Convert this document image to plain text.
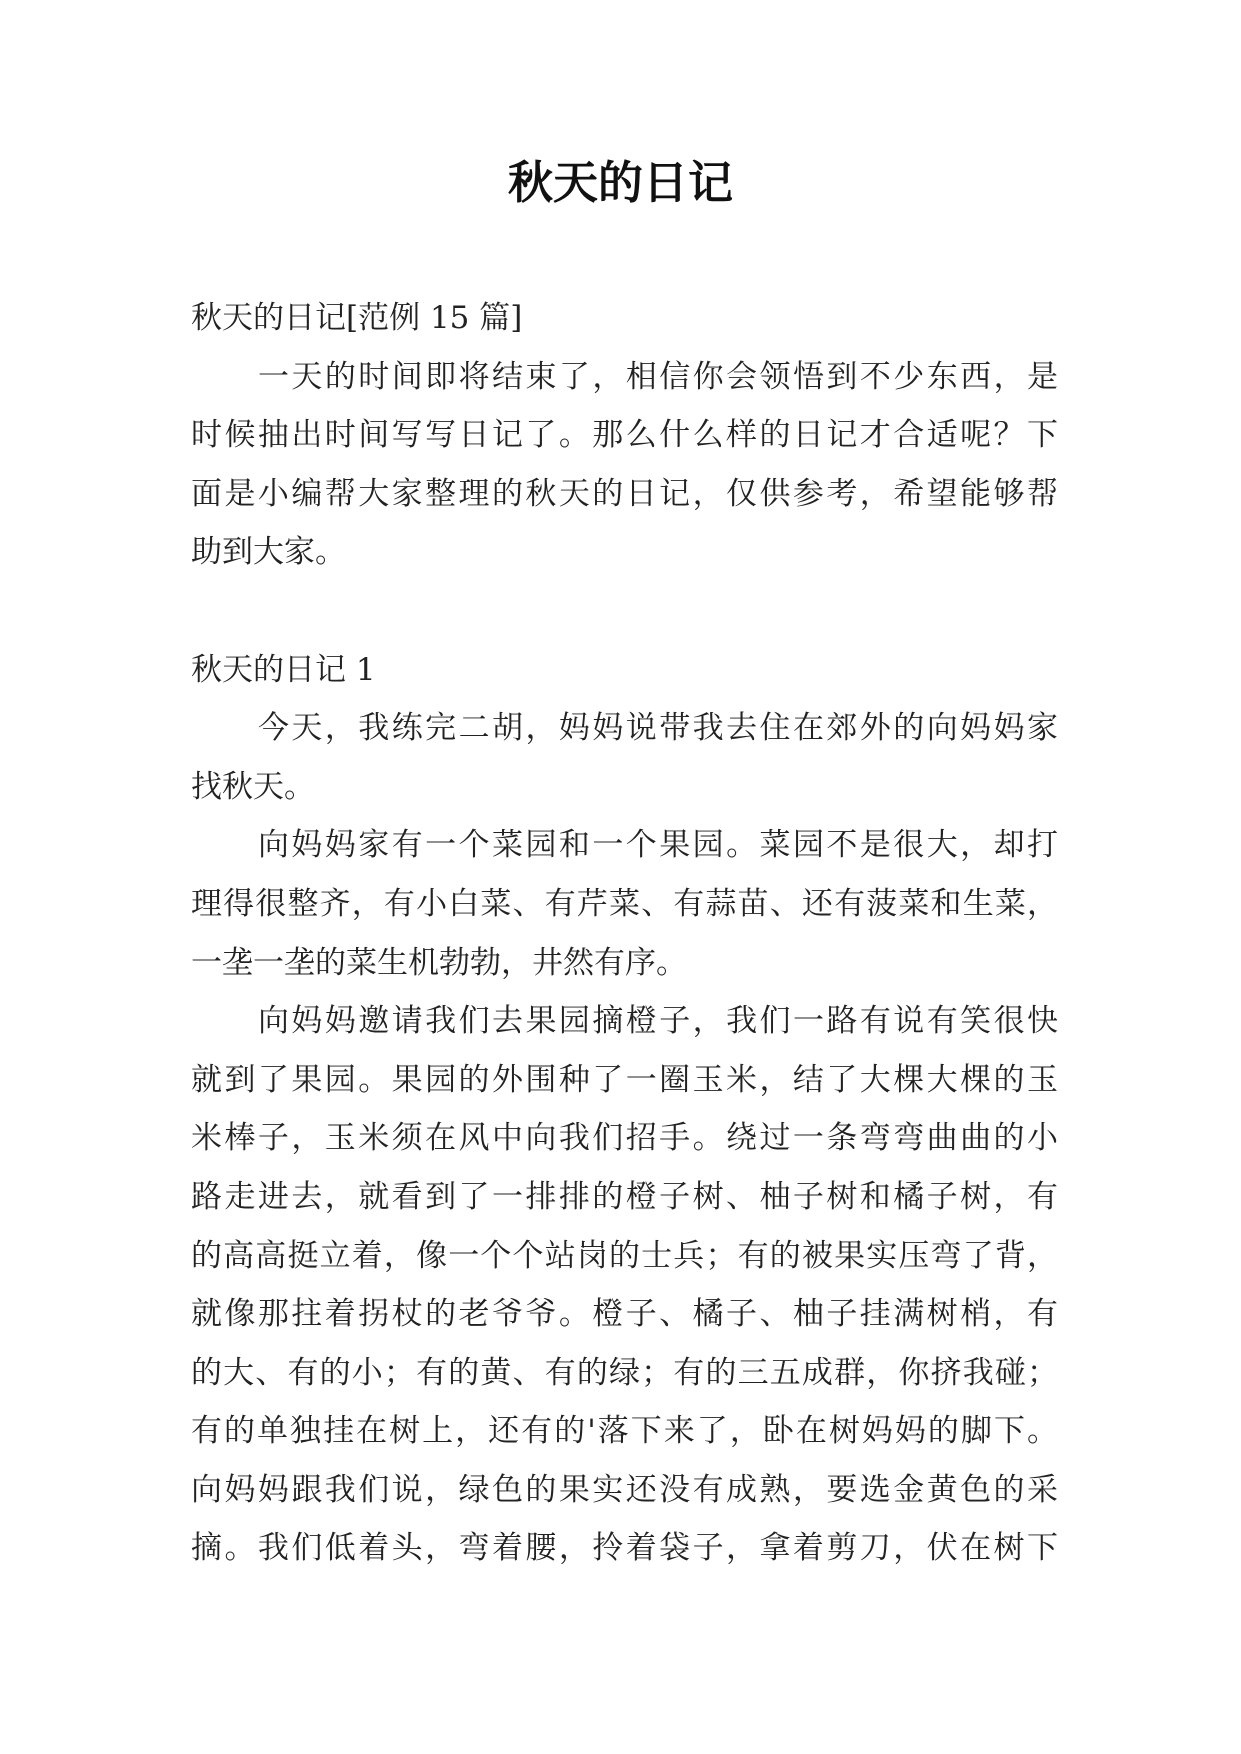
秋天的日记
秋天的日记[范例 15 篇]
一天的时间即将结束了，相信你会领悟到不少东西，是
时候抽出时间写写日记了。那么什么样的日记才合适呢？下
面是小编帮大家整理的秋天的日记，仅供参考，希望能够帮
助到大家。
秋天的日记 1
今天，我练完二胡，妈妈说带我去住在郊外的向妈妈家
找秋天。
向妈妈家有一个菜园和一个果园。菜园不是很大，却打
理得很整齐，有小白菜、有芹菜、有蒜苗、还有菠菜和生菜，
一垄一垄的菜生机勃勃，井然有序。
向妈妈邀请我们去果园摘橙子，我们一路有说有笑很快
就到了果园。果园的外围种了一圈玉米，结了大棵大棵的玉
米棒子，玉米须在风中向我们招手。绕过一条弯弯曲曲的小
路走进去，就看到了一排排的橙子树、柚子树和橘子树，有
的高高挺立着，像一个个站岗的士兵；有的被果实压弯了背，
就像那拄着拐杖的老爷爷。橙子、橘子、柚子挂满树梢，有
的大、有的小；有的黄、有的绿；有的三五成群，你挤我碰；
有的单独挂在树上，还有的'落下来了，卧在树妈妈的脚下。
向妈妈跟我们说，绿色的果实还没有成熟，要选金黄色的采
摘。我们低着头，弯着腰，拎着袋子，拿着剪刀，伏在树下
